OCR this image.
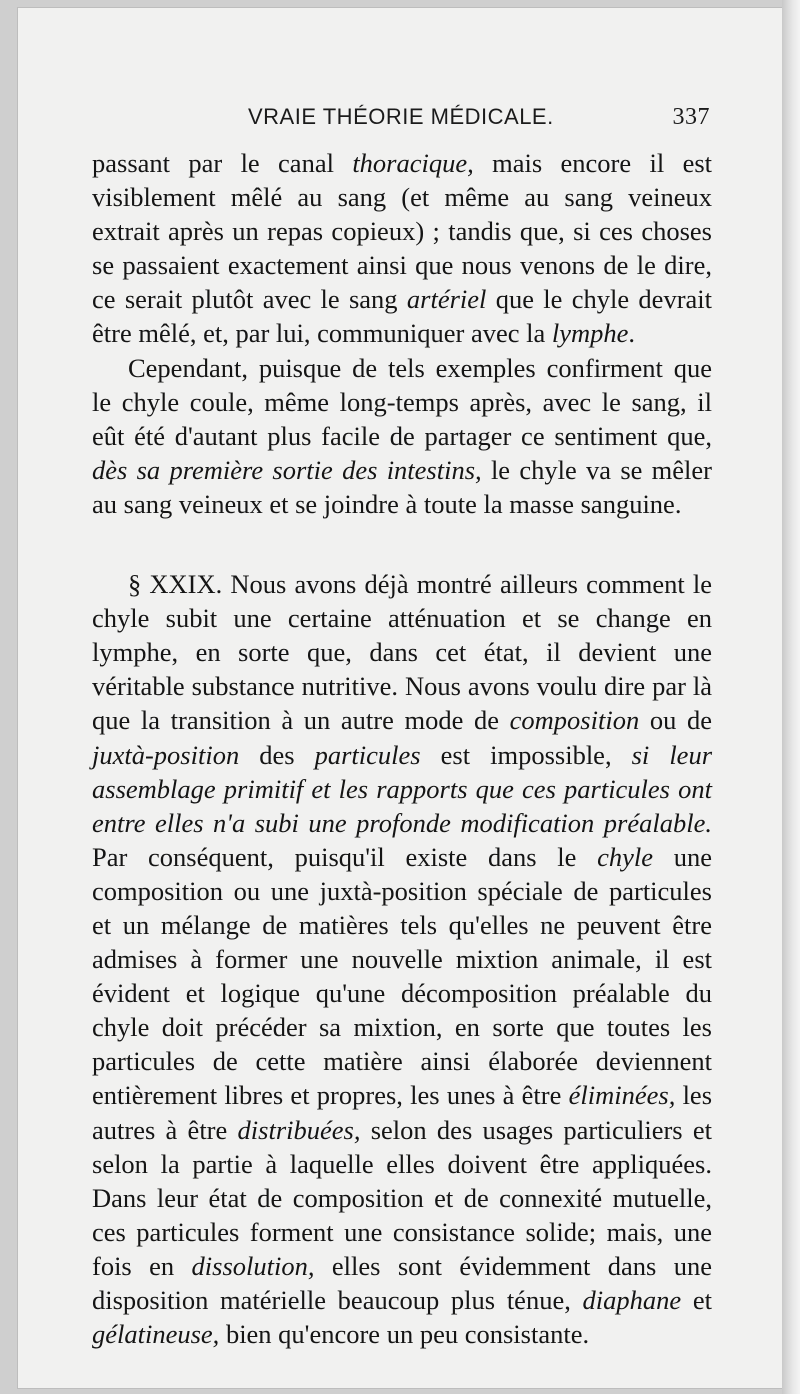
VRAIE THÉORIE MÉDICALE.	337

passant par le canal thoracique, mais encore il est visiblement mêlé au sang (et même au sang veineux extrait après un repas copieux) ; tandis que, si ces choses se passaient exactement ainsi que nous venons de le dire, ce serait plutôt avec le sang artériel que le chyle devrait être mêlé, et, par lui, communiquer avec la lymphe.

Cependant, puisque de tels exemples confirment que le chyle coule, même long-temps après, avec le sang, il eût été d'autant plus facile de partager ce sentiment que, dès sa première sortie des intestins, le chyle va se mêler au sang veineux et se joindre à toute la masse sanguine.

§ XXIX. Nous avons déjà montré ailleurs comment le chyle subit une certaine atténuation et se change en lymphe, en sorte que, dans cet état, il devient une véritable substance nutritive. Nous avons voulu dire par là que la transition à un autre mode de composition ou de juxtà-position des particules est impossible, si leur assemblage primitif et les rapports que ces particules ont entre elles n'a subi une profonde modification préalable. Par conséquent, puisqu'il existe dans le chyle une composition ou une juxtà-position spéciale de particules et un mélange de matières tels qu'elles ne peuvent être admises à former une nouvelle mixtion animale, il est évident et logique qu'une décomposition préalable du chyle doit précéder sa mixtion, en sorte que toutes les particules de cette matière ainsi élaborée deviennent entièrement libres et propres, les unes à être éliminées, les autres à être distribuées, selon des usages particuliers et selon la partie à laquelle elles doivent être appliquées. Dans leur état de composition et de connexité mutuelle, ces particules forment une consistance solide; mais, une fois en dissolution, elles sont évidemment dans une disposition matérielle beaucoup plus ténue, diaphane et gélatineuse, bien qu'encore un peu consistante.
